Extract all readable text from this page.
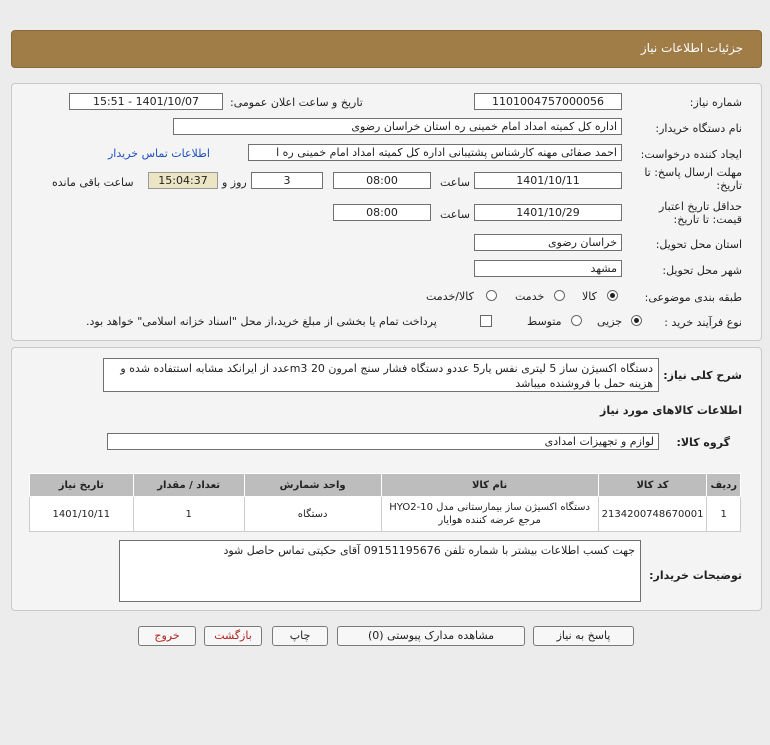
جزئیات اطلاعات نیاز
شماره نیاز:
1101004757000056
تاریخ و ساعت اعلان عمومی:
1401/10/07 - 15:51
نام دستگاه خریدار:
اداره کل کمیته امداد امام خمینی ره استان خراسان رضوی
ایجاد کننده درخواست:
احمد صفائی مهنه کارشناس پشتیبانی اداره کل کمیته امداد امام خمینی ره ا
اطلاعات تماس خریدار
مهلت ارسال پاسخ: تا تاریخ:
1401/10/11
ساعت
08:00
3
روز و
15:04:37
ساعت باقی مانده
حداقل تاریخ اعتبار قیمت: تا تاریخ:
1401/10/29
ساعت
08:00
استان محل تحویل:
خراسان رضوی
شهر محل تحویل:
مشهد
طبقه بندی موضوعی:
کالا
خدمت
کالا/خدمت
نوع فرآیند خرید :
جزیی
متوسط
پرداخت تمام یا بخشی از مبلغ خرید،از محل "اسناد خزانه اسلامی" خواهد بود.
شرح کلی نیاز:
دستگاه اکسیژن ساز 5 لیتری نفس یار5 عددو دستگاه فشار سنج امرون 20 m3عدد از ایرانکد مشابه استتفاده شده و هزینه حمل با فروشنده میباشد
اطلاعات کالاهای مورد نیاز
گروه کالا:
لوازم و تجهیزات امدادی
ردیف	کد کالا	نام کالا	واحد شمارش	تعداد / مقدار	تاریخ نیاز
1	2134200748670001	دستگاه اکسیژن ساز بیمارستانی مدل HYO2-10 مرجع عرضه کننده هوایار	دستگاه	1	1401/10/11
توضیحات خریدار:
جهت کسب اطلاعات بیشتر با شماره تلفن 09151195676 آقای حکیتی تماس حاصل شود
پاسخ به نیاز
مشاهده مدارک پیوستی (0)
چاپ
بازگشت
خروج
